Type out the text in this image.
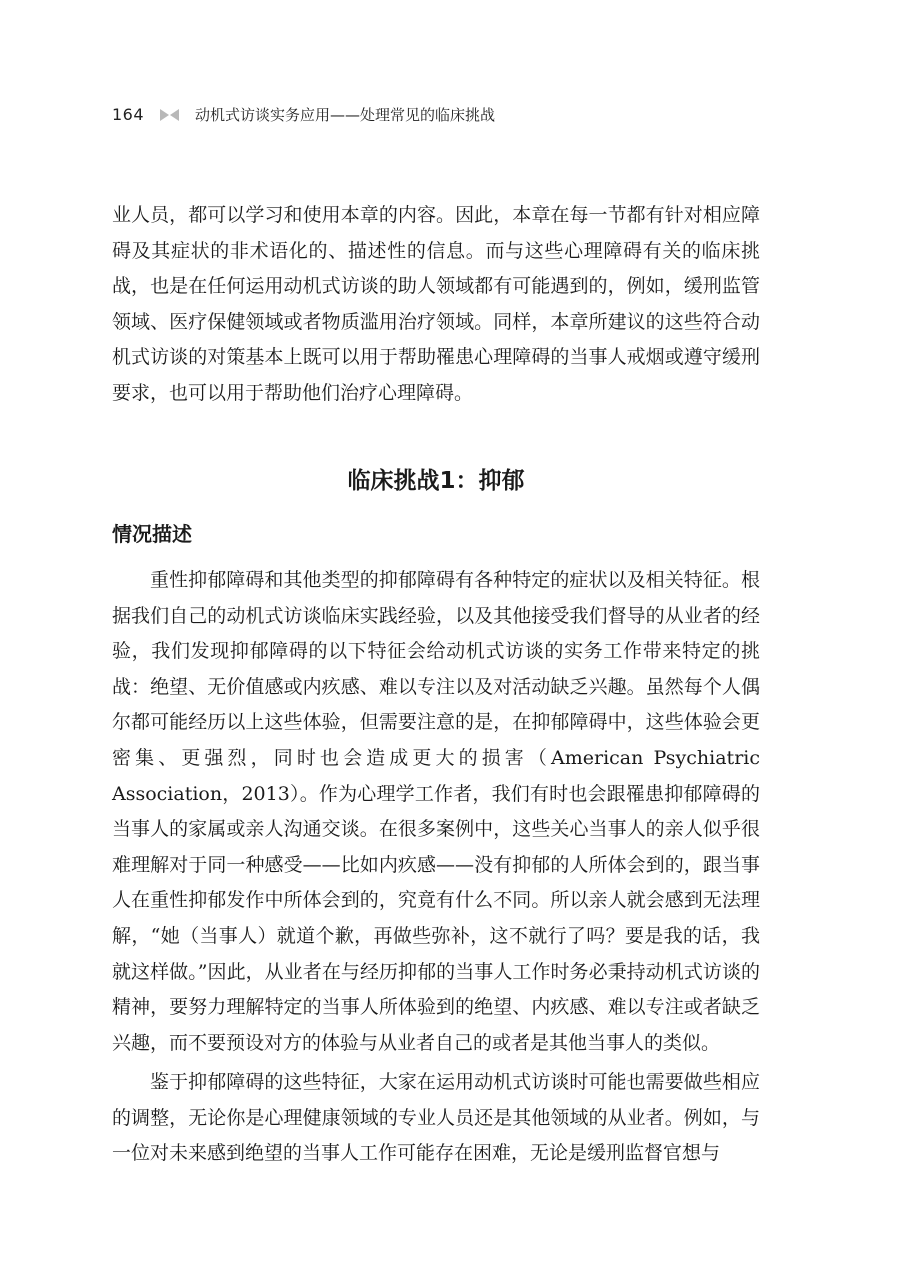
164	动机式访谈实务应用——处理常见的临床挑战

业人员，都可以学习和使用本章的内容。因此，本章在每一节都有针对相应障碍及其症状的非术语化的、描述性的信息。而与这些心理障碍有关的临床挑战，也是在任何运用动机式访谈的助人领域都有可能遇到的，例如，缓刑监管领域、医疗保健领域或者物质滥用治疗领域。同样，本章所建议的这些符合动机式访谈的对策基本上既可以用于帮助罹患心理障碍的当事人戒烟或遵守缓刑要求，也可以用于帮助他们治疗心理障碍。

临床挑战1：抑郁
情况描述

重性抑郁障碍和其他类型的抑郁障碍有各种特定的症状以及相关特征。根据我们自己的动机式访谈临床实践经验，以及其他接受我们督导的从业者的经验，我们发现抑郁障碍的以下特征会给动机式访谈的实务工作带来特定的挑战：绝望、无价值感或内疚感、难以专注以及对活动缺乏兴趣。虽然每个人偶尔都可能经历以上这些体验，但需要注意的是，在抑郁障碍中，这些体验会更密集、更强烈，同时也会造成更大的损害（American Psychiatric Association，2013）。作为心理学工作者，我们有时也会跟罹患抑郁障碍的当事人的家属或亲人沟通交谈。在很多案例中，这些关心当事人的亲人似乎很难理解对于同一种感受——比如内疚感——没有抑郁的人所体会到的，跟当事人在重性抑郁发作中所体会到的，究竟有什么不同。所以亲人就会感到无法理解，“她（当事人）就道个歉，再做些弥补，这不就行了吗？要是我的话，我就这样做。”因此，从业者在与经历抑郁的当事人工作时务必秉持动机式访谈的精神，要努力理解特定的当事人所体验到的绝望、内疚感、难以专注或者缺乏兴趣，而不要预设对方的体验与从业者自己的或者是其他当事人的类似。

鉴于抑郁障碍的这些特征，大家在运用动机式访谈时可能也需要做些相应的调整，无论你是心理健康领域的专业人员还是其他领域的从业者。例如，与一位对未来感到绝望的当事人工作可能存在困难，无论是缓刑监督官想与
